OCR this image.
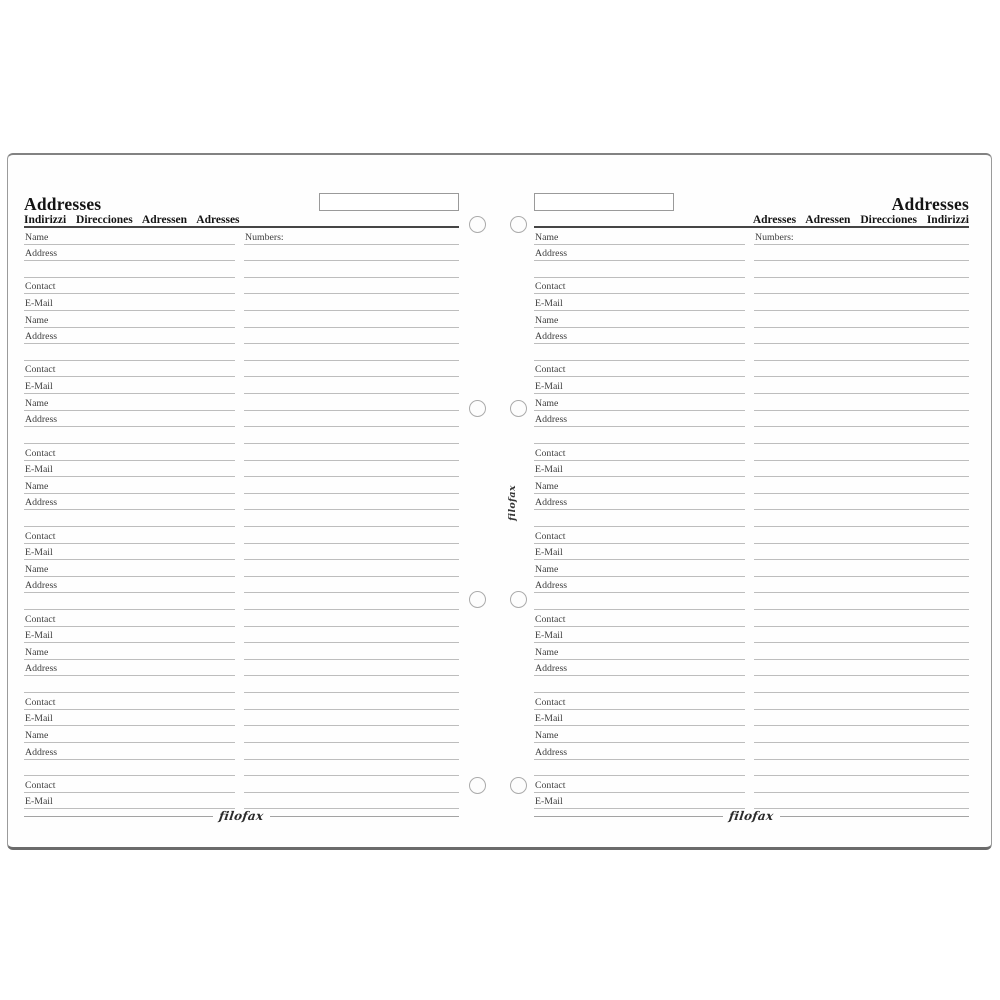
Addresses
Indirizzi Direcciones Adressen Adresses
Name	Numbers:
Address
Contact
E-Mail
Name
Address
Contact
E-Mail
Name
Address
Contact
E-Mail
Name
Address
Contact
E-Mail
Name
Address
Contact
E-Mail
Name
Address
Contact
E-Mail
Name
Address
Contact
E-Mail
filofax
Addresses
Adresses Adressen Direcciones Indirizzi
Name	Numbers:
Address
Contact
E-Mail
Name
Address
Contact
E-Mail
Name
Address
Contact
E-Mail
Name
Address
Contact
E-Mail
Name
Address
Contact
E-Mail
Name
Address
Contact
E-Mail
Name
Address
Contact
E-Mail
filofax
filofax
